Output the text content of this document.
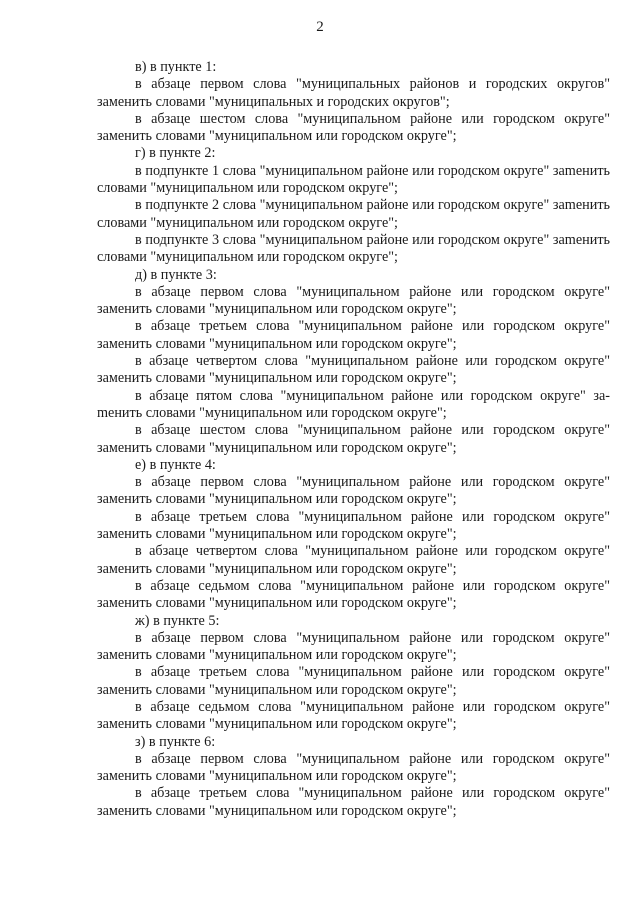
2

в) в пункте 1:

в абзаце первом слова "муниципальных районов и городских округов" заменить словами "муниципальных и городских округов";

в абзаце шестом слова "муниципальном районе или городском округе" заменить словами "муниципальном или городском округе";

г) в пункте 2:

в подпункте 1 слова "муниципальном районе или городском округе" заmенить словами "муниципальном или городском округе";

в подпункте 2 слова "муниципальном районе или городском округе" заmенить словами "муниципальном или городском округе";

в подпункте 3 слова "муниципальном районе или городском округе" заmенить словами "муниципальном или городском округе";

д) в пункте 3:

в абзаце первом слова "муниципальном районе или городском округе" заменить словами "муниципальном или городском округе";

в абзаце третьем слова "муниципальном районе или городском округе" заменить словами "муниципальном или городском округе";

в абзаце четвертом слова "муниципальном районе или городском округе" заменить словами "муниципальном или городском округе";

в абзаце пятом слова "муниципальном районе или городском округе" заmенить словами "муниципальном или городском округе";

в абзаце шестом слова "муниципальном районе или городском округе" заменить словами "муниципальном или городском округе";

е) в пункте 4:

в абзаце первом слова "муниципальном районе или городском округе" заменить словами "муниципальном или городском округе";

в абзаце третьем слова "муниципальном районе или городском округе" заменить словами "муниципальном или городском округе";

в абзаце четвертом слова "муниципальном районе или городском округе" заменить словами "муниципальном или городском округе";

в абзаце седьмом слова "муниципальном районе или городском округе" заменить словами "муниципальном или городском округе";

ж) в пункте 5:

в абзаце первом слова "муниципальном районе или городском округе" заменить словами "муниципальном или городском округе";

в абзаце третьем слова "муниципальном районе или городском округе" заменить словами "муниципальном или городском округе";

в абзаце седьмом слова "муниципальном районе или городском округе" заменить словами "муниципальном или городском округе";

з) в пункте 6:

в абзаце первом слова "муниципальном районе или городском округе" заменить словами "муниципальном или городском округе";

в абзаце третьем слова "муниципальном районе или городском округе" заменить словами "муниципальном или городском округе";
